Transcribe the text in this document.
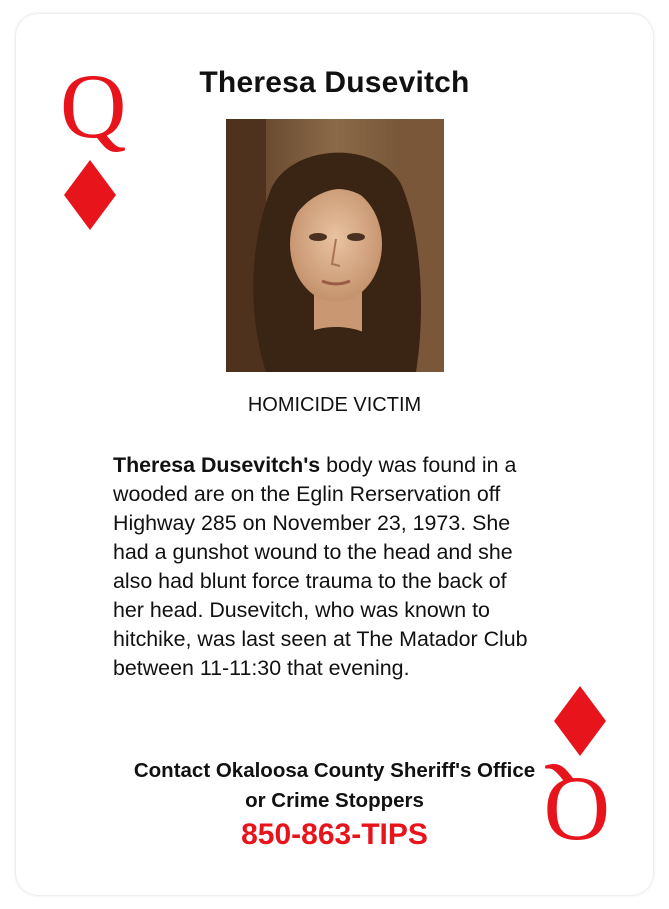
Q	Theresa Dusevitch
HOMICIDE VICTIM
Theresa Dusevitch's body was found in a wooded are on the Eglin Rerservation off Highway 285 on November 23, 1973. She had a gunshot wound to the head and she also had blunt force trauma to the back of her head. Dusevitch, who was known to hitchike, was last seen at The Matador Club between 11-11:30 that evening.
Q
Contact Okaloosa County Sheriff's Office
or Crime Stoppers
850-863-TIPS
